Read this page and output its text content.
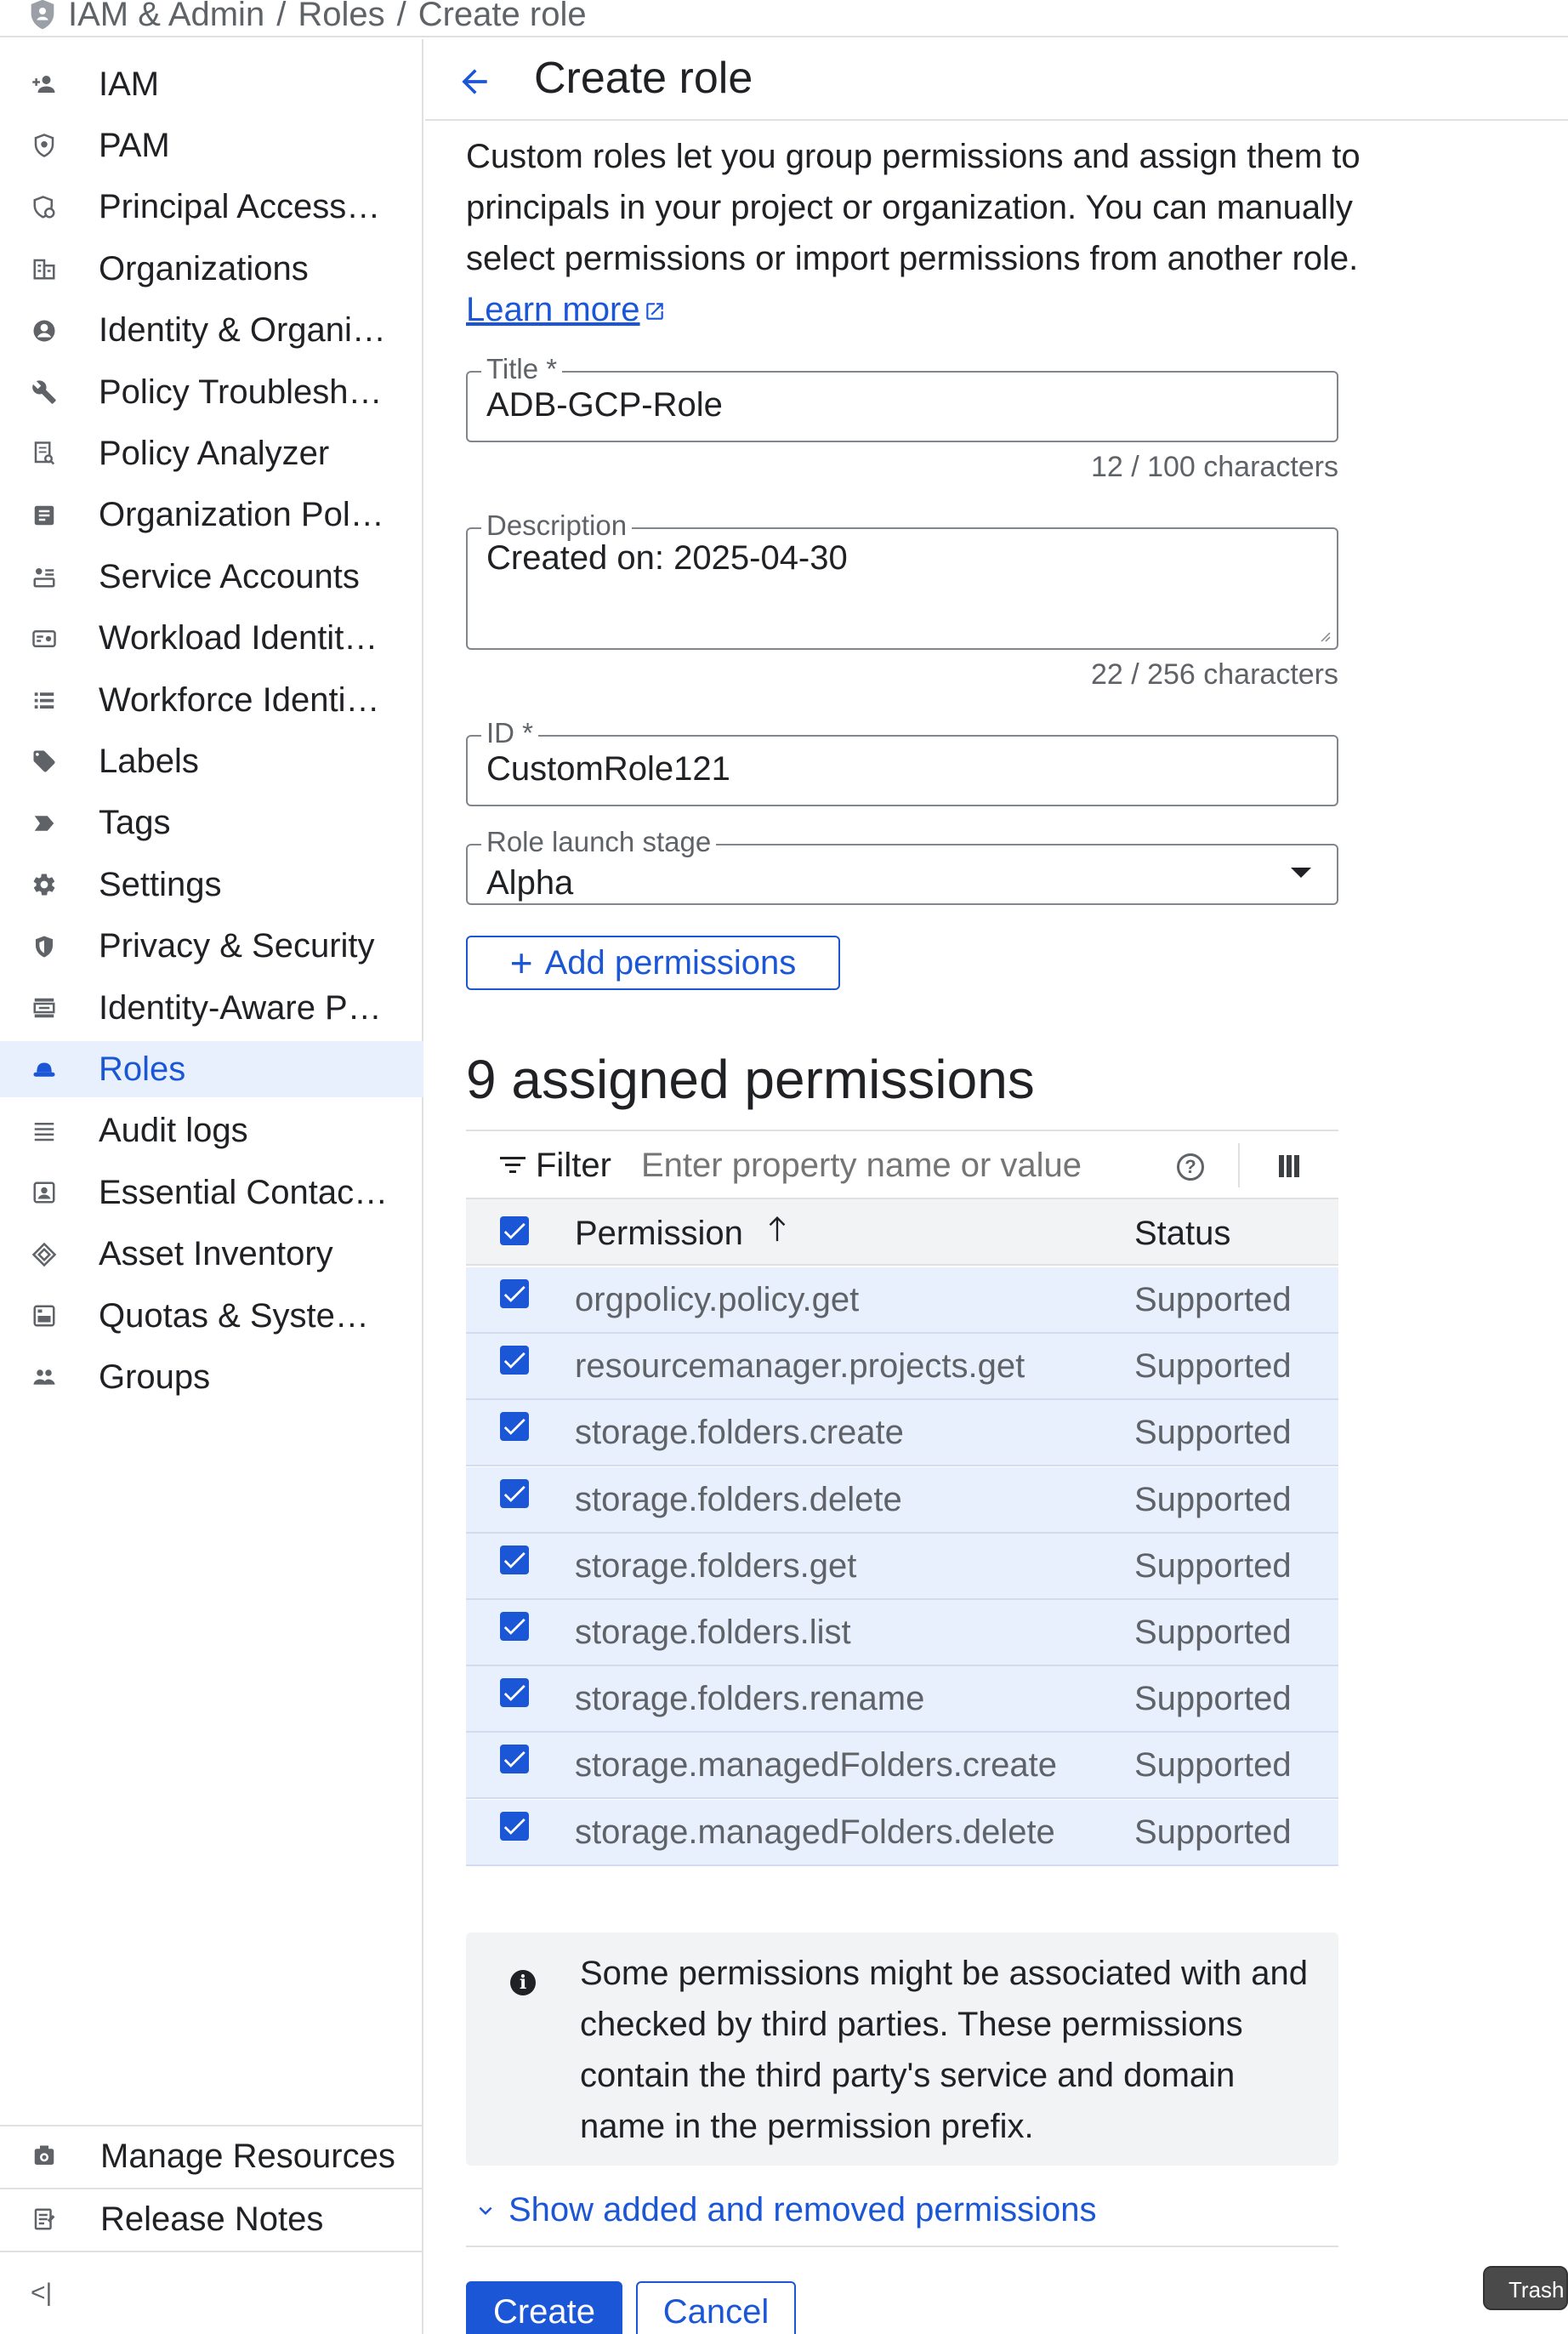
IAM & Admin / Roles / Create role
IAM
PAM
Principal Access…
Organizations
Identity & Organi…
Policy Troublesh…
Policy Analyzer
Organization Pol…
Service Accounts
Workload Identit…
Workforce Identi…
Labels
Tags
Settings
Privacy & Security
Identity-Aware P…
Roles
Audit logs
Essential Contac…
Asset Inventory
Quotas & Syste…
Groups
Manage Resources
Release Notes
<|
Create role
Custom roles let you group permissions and assign them to principals in your project or organization. You can manually select permissions or import permissions from another role. Learn more
Title *
ADB-GCP-Role
12 / 100 characters
Description
Created on: 2025-04-30
22 / 256 characters
ID *
CustomRole121
Role launch stage
Alpha
+ Add permissions
9 assigned permissions
Filter
Enter property name or value	?
Permission	Status
orgpolicy.policy.get	Supported
resourcemanager.projects.get	Supported
storage.folders.create	Supported
storage.folders.delete	Supported
storage.folders.get	Supported
storage.folders.list	Supported
storage.folders.rename	Supported
storage.managedFolders.create Supported
storage.managedFolders.delete Supported
i Some permissions might be associated with and checked by third parties. These permissions contain the third party's service and domain name in the permission prefix.
Show added and removed permissions
Create	Cancel
Trash
